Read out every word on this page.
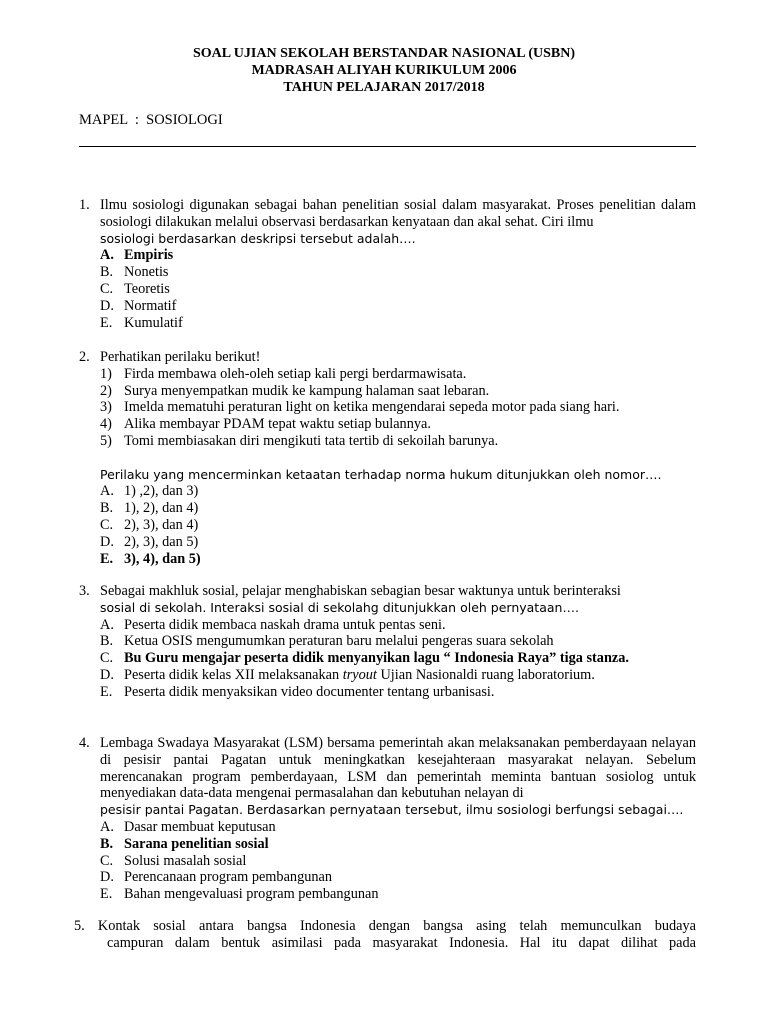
SOAL UJIAN SEKOLAH BERSTANDAR NASIONAL (USBN)
MADRASAH ALIYAH KURIKULUM 2006
TAHUN PELAJARAN 2017/2018
MAPEL  :  SOSIOLOGI
1. Ilmu sosiologi digunakan sebagai bahan penelitian sosial dalam masyarakat. Proses penelitian dalam sosiologi dilakukan melalui observasi berdasarkan kenyataan dan akal sehat. Ciri ilmu

sosiologi berdasarkan deskripsi tersebut adalah….

A. Empiris
B. Nonetis
C. Teoretis
D. Normatif
E. Kumulatif
2. Perhatikan perilaku berikut!

1) Firda membawa oleh-oleh setiap kali pergi berdarmawisata.
2) Surya menyempatkan mudik ke kampung halaman saat lebaran.
3) Imelda mematuhi peraturan light on ketika mengendarai sepeda motor pada siang hari.
4) Alika membayar PDAM tepat waktu setiap bulannya.
5) Tomi membiasakan diri mengikuti tata tertib di sekoilah barunya.

Perilaku yang mencerminkan ketaatan terhadap norma hukum ditunjukkan oleh nomor….

A. 1) ,2), dan 3)
B. 1), 2), dan 4)
C. 2), 3), dan 4)
D. 2), 3), dan 5)
E. 3), 4), dan 5)
3. Sebagai makhluk sosial, pelajar menghabiskan sebagian besar waktunya untuk berinteraksi

sosial di sekolah. Interaksi sosial di sekolahg ditunjukkan oleh pernyataan….

A. Peserta didik membaca naskah drama untuk pentas seni.
B. Ketua OSIS mengumumkan peraturan baru melalui pengeras suara sekolah
C. Bu Guru mengajar peserta didik menyanyikan lagu “ Indonesia Raya” tiga stanza.
D. Peserta didik kelas XII melaksanakan tryout Ujian Nasionaldi ruang laboratorium.
E. Peserta didik menyaksikan video documenter tentang urbanisasi.
4. Lembaga Swadaya Masyarakat (LSM) bersama pemerintah akan melaksanakan pemberdayaan nelayan di pesisir pantai Pagatan untuk meningkatkan kesejahteraan masyarakat nelayan. Sebelum merencanakan program pemberdayaan, LSM dan pemerintah meminta bantuan sosiolog untuk menyediakan data-data mengenai permasalahan dan kebutuhan nelayan di

pesisir pantai Pagatan. Berdasarkan pernyataan tersebut, ilmu sosiologi berfungsi sebagai….

A. Dasar membuat keputusan
B. Sarana penelitian sosial
C. Solusi masalah sosial
D. Perencanaan program pembangunan
E. Bahan mengevaluasi program pembangunan
5. Kontak sosial antara bangsa Indonesia dengan bangsa asing telah memunculkan budaya
campuran dalam bentuk asimilasi pada masyarakat Indonesia. Hal itu dapat dilihat pada
